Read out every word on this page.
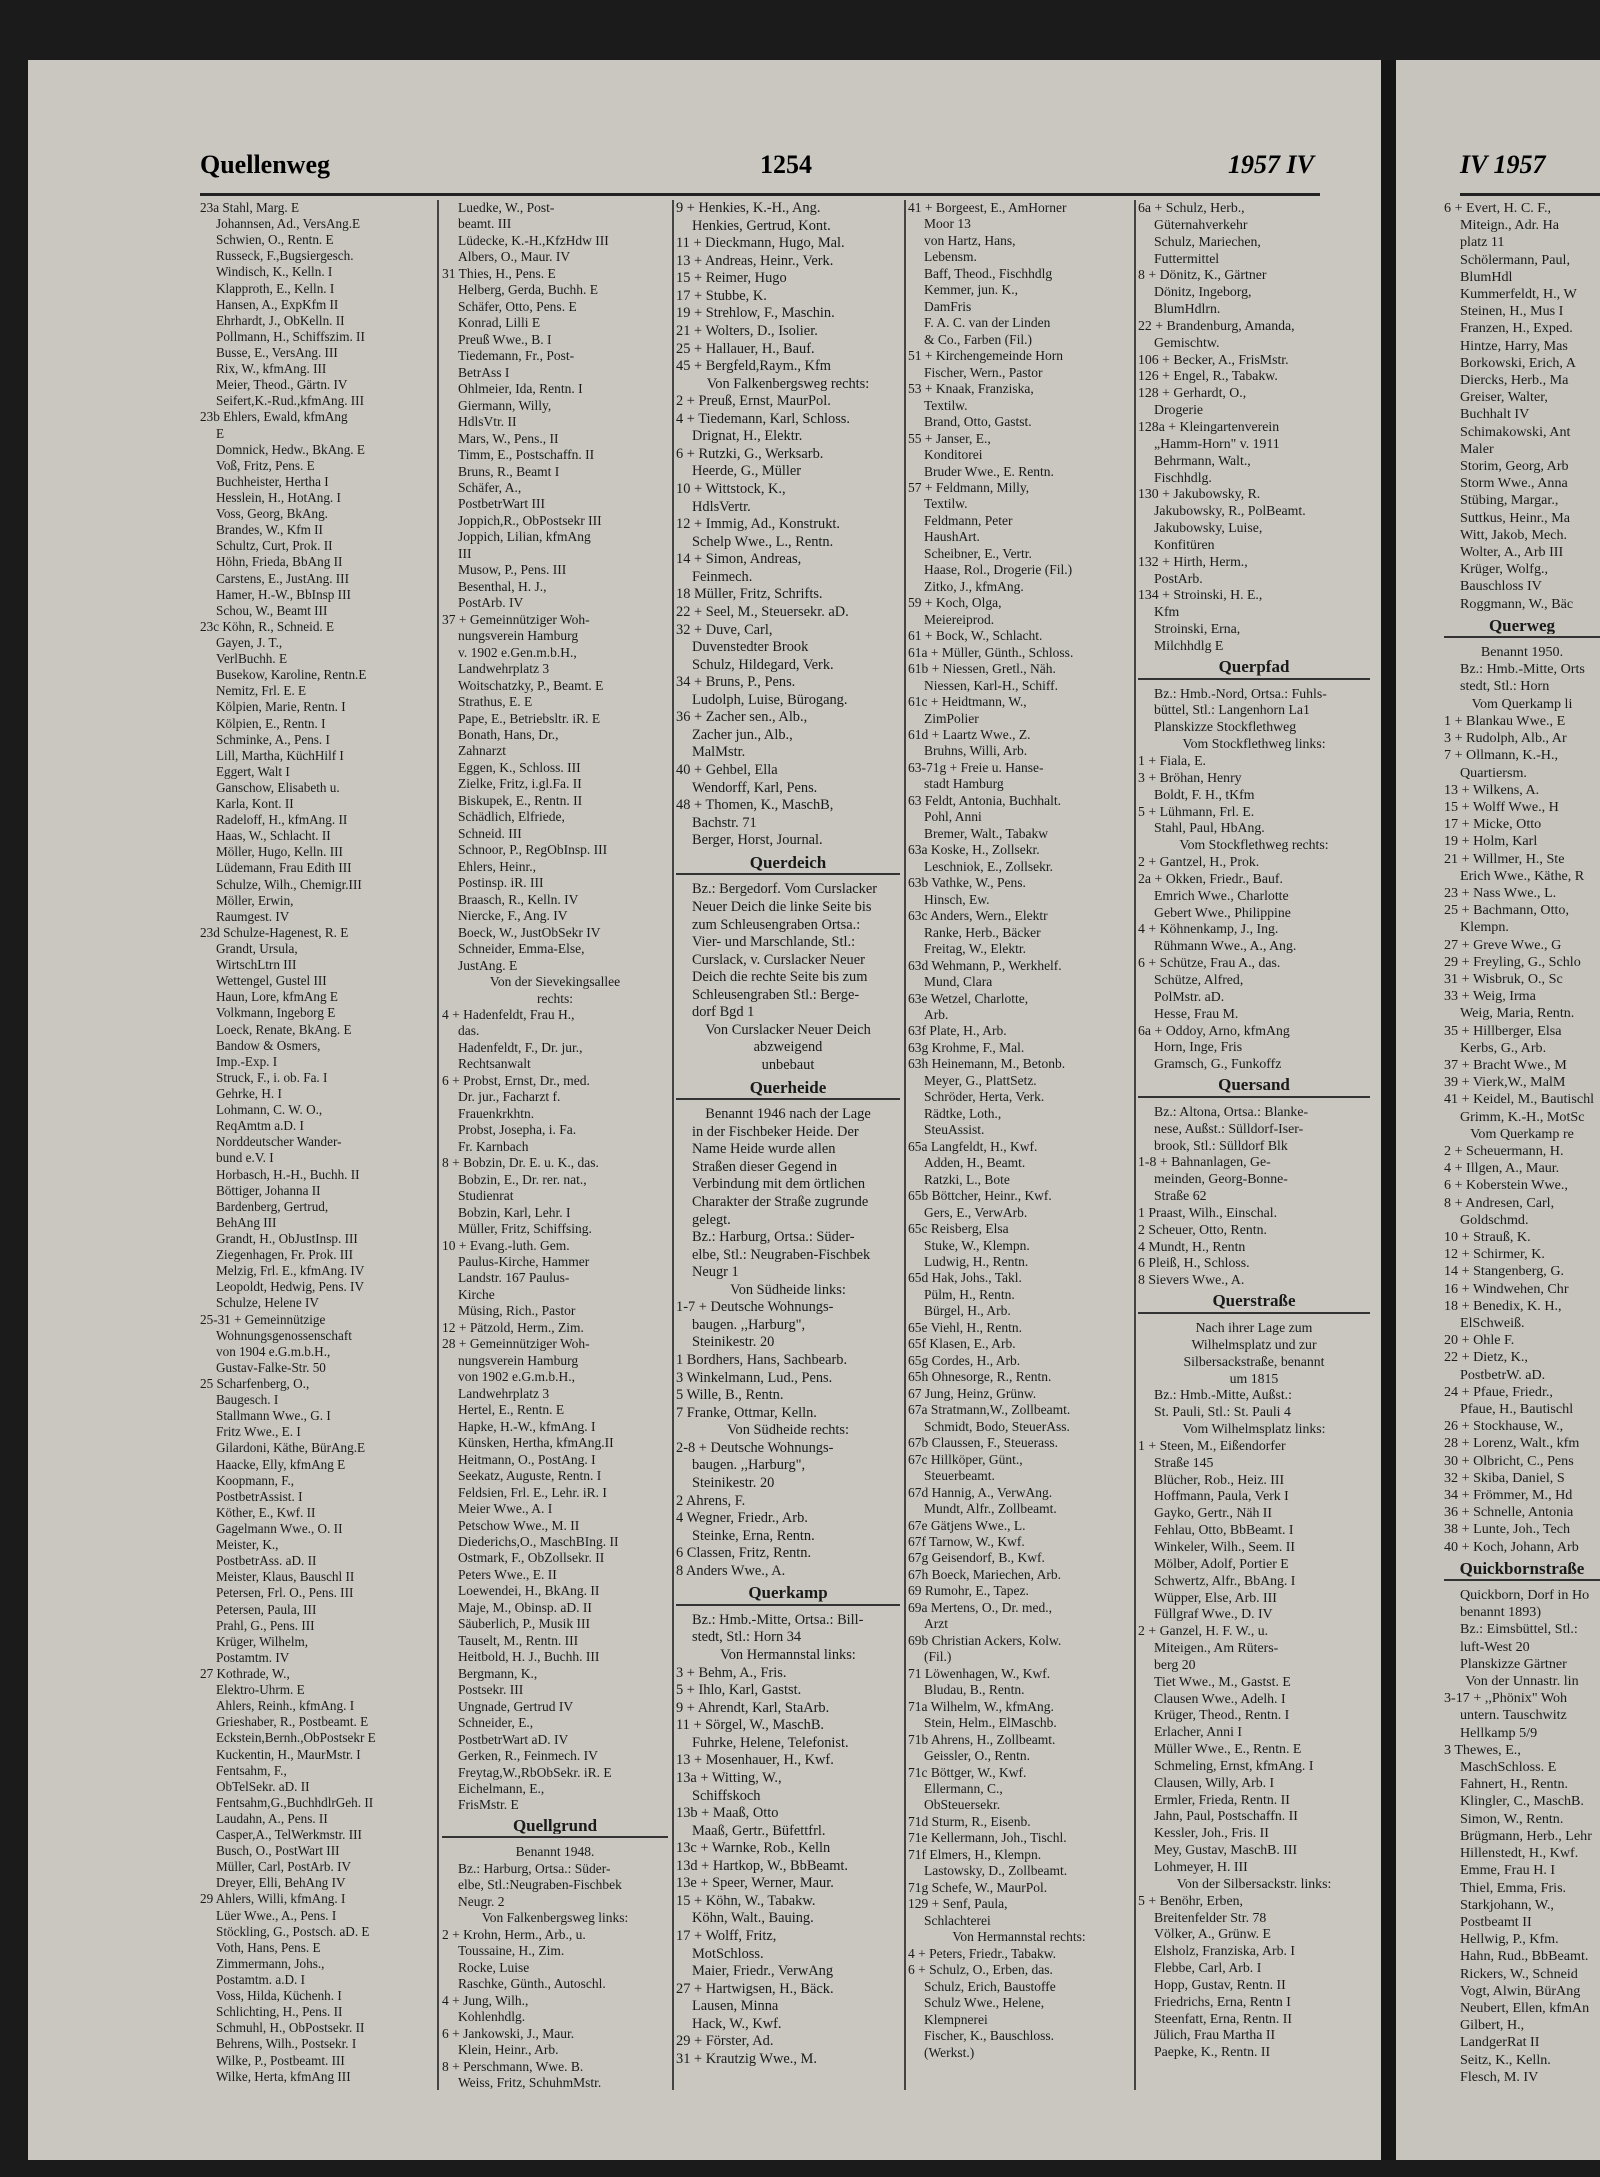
Quellenweg	1254	1957 IV	IV 1957
23a Stahl, Marg. E
Johannsen, Ad., VersAng.E
Schwien, O., Rentn. E
Russeck, F.,Bugsiergesch.
Windisch, K., Kelln. I
Klapproth, E., Kelln. I
Hansen, A., ExpKfm II
Ehrhardt, J., ObKelln. II
Pollmann, H., Schiffszim. II
Busse, E., VersAng. III
Rix, W., kfmAng. III
Meier, Theod., Gärtn. IV
Seifert,K.-Rud.,kfmAng. III
23b Ehlers, Ewald, kfmAng
E
Domnick, Hedw., BkAng. E
Voß, Fritz, Pens. E
Buchheister, Hertha I
Hesslein, H., HotAng. I
Voss, Georg, BkAng.
Brandes, W., Kfm II
Schultz, Curt, Prok. II
Höhn, Frieda, BbAng II
Carstens, E., JustAng. III
Hamer, H.-W., BbInsp III
Schou, W., Beamt III
23c Köhn, R., Schneid. E
Gayen, J. T.,
VerlBuchh. E
Busekow, Karoline, Rentn.E
Nemitz, Frl. E. E
Kölpien, Marie, Rentn. I
Kölpien, E., Rentn. I
Schminke, A., Pens. I
Lill, Martha, KüchHilf I
Eggert, Walt I
Ganschow, Elisabeth u.
Karla, Kont. II
Radeloff, H., kfmAng. II
Haas, W., Schlacht. II
Möller, Hugo, Kelln. III
Lüdemann, Frau Edith III
Schulze, Wilh., Chemigr.III
Möller, Erwin,
Raumgest. IV
23d Schulze-Hagenest, R. E
Grandt, Ursula,
WirtschLtrn III
Wettengel, Gustel III
Haun, Lore, kfmAng E
Volkmann, Ingeborg E
Loeck, Renate, BkAng. E
Bandow & Osmers,
Imp.-Exp. I
Struck, F., i. ob. Fa. I
Gehrke, H. I
Lohmann, C. W. O.,
ReqAmtm a.D. I
Norddeutscher Wander-
bund e.V. I
Horbasch, H.-H., Buchh. II
Böttiger, Johanna II
Bardenberg, Gertrud,
BehAng III
Grandt, H., ObJustInsp. III
Ziegenhagen, Fr. Prok. III
Melzig, Frl. E., kfmAng. IV
Leopoldt, Hedwig, Pens. IV
Schulze, Helene IV
25-31 + Gemeinnützige
Wohnungsgenossenschaft
von 1904 e.G.m.b.H.,
Gustav-Falke-Str. 50
25 Scharfenberg, O.,
Baugesch. I
Stallmann Wwe., G. I
Fritz Wwe., E. I
Gilardoni, Käthe, BürAng.E
Haacke, Elly, kfmAng E
Koopmann, F.,
PostbetrAssist. I
Köther, E., Kwf. II
Gagelmann Wwe., O. II
Meister, K.,
PostbetrAss. aD. II
Meister, Klaus, Bauschl II
Petersen, Frl. O., Pens. III
Petersen, Paula, III
Prahl, G., Pens. III
Krüger, Wilhelm,
Postamtm. IV
27 Kothrade, W.,
Elektro-Uhrm. E
Ahlers, Reinh., kfmAng. I
Grieshaber, R., Postbeamt. E
Eckstein,Bernh.,ObPostsekr E
Kuckentin, H., MaurMstr. I
Fentsahm, F.,
ObTelSekr. aD. II
Fentsahm,G.,BuchhdlrGeh. II
Laudahn, A., Pens. II
Casper,A., TelWerkmstr. III
Busch, O., PostWart III
Müller, Carl, PostArb. IV
Dreyer, Elli, BehAng IV
29 Ahlers, Willi, kfmAng. I
Lüer Wwe., A., Pens. I
Stöckling, G., Postsch. aD. E
Voth, Hans, Pens. E
Zimmermann, Johs.,
Postamtm. a.D. I
Voss, Hilda, Küchenh. I
Schlichting, H., Pens. II
Schmuhl, H., ObPostsekr. II
Behrens, Wilh., Postsekr. I
Wilke, P., Postbeamt. III
Wilke, Herta, kfmAng III
Luedke, W., Post-
beamt. III
Lüdecke, K.-H.,KfzHdw III
Albers, O., Maur. IV
31 Thies, H., Pens. E
Helberg, Gerda, Buchh. E
Schäfer, Otto, Pens. E
Konrad, Lilli E
Preuß Wwe., B. I
Tiedemann, Fr., Post-
BetrAss I
Ohlmeier, Ida, Rentn. I
Giermann, Willy,
HdlsVtr. II
Mars, W., Pens., II
Timm, E., Postschaffn. II
Bruns, R., Beamt I
Schäfer, A.,
PostbetrWart III
Joppich,R., ObPostsekr III
Joppich, Lilian, kfmAng
III
Musow, P., Pens. III
Besenthal, H. J.,
PostArb. IV
37 + Gemeinnütziger Woh-
nungsverein Hamburg
v. 1902 e.Gen.m.b.H.,
Landwehrplatz 3
Woitschatzky, P., Beamt. E
Strathus, E. E
Pape, E., Betriebsltr. iR. E
Bonath, Hans, Dr.,
Zahnarzt
Eggen, K., Schloss. III
Zielke, Fritz, i.gl.Fa. II
Biskupek, E., Rentn. II
Schädlich, Elfriede,
Schneid. III
Schnoor, P., RegObInsp. III
Ehlers, Heinr.,
Postinsp. iR. III
Braasch, R., Kelln. IV
Niercke, F., Ang. IV
Boeck, W., JustObSekr IV
Schneider, Emma-Else,
JustAng. E
Von der Sievekingsallee
rechts:
4 + Hadenfeldt, Frau H.,
das.
Hadenfeldt, F., Dr. jur.,
Rechtsanwalt
6 + Probst, Ernst, Dr., med.
Dr. jur., Facharzt f.
Frauenkrkhtn.
Probst, Josepha, i. Fa.
Fr. Karnbach
8 + Bobzin, Dr. E. u. K., das.
Bobzin, E., Dr. rer. nat.,
Studienrat
Bobzin, Karl, Lehr. I
Müller, Fritz, Schiffsing.
10 + Evang.-luth. Gem.
Paulus-Kirche, Hammer
Landstr. 167 Paulus-
Kirche
Müsing, Rich., Pastor
12 + Pätzold, Herm., Zim.
28 + Gemeinnütziger Woh-
nungsverein Hamburg
von 1902 e.G.m.b.H.,
Landwehrplatz 3
Hertel, E., Rentn. E
Hapke, H.-W., kfmAng. I
Künsken, Hertha, kfmAng.II
Heitmann, O., PostAng. I
Seekatz, Auguste, Rentn. I
Feldsien, Frl. E., Lehr. iR. I
Meier Wwe., A. I
Petschow Wwe., M. II
Diederichs,O., MaschBIng. II
Ostmark, F., ObZollsekr. II
Peters Wwe., E. II
Loewendei, H., BkAng. II
Maje, M., Obinsp. aD. II
Säuberlich, P., Musik III
Tauselt, M., Rentn. III
Heitbold, H. J., Buchh. III
Bergmann, K.,
Postsekr. III
Ungnade, Gertrud IV
Schneider, E.,
PostbetrWart aD. IV
Gerken, R., Feinmech. IV
Freytag,W.,RbObSekr. iR. E
Eichelmann, E.,
FrisMstr. E
Quellgrund
Benannt 1948.
Bz.: Harburg, Ortsa.: Süder-
elbe, Stl.:Neugraben-Fischbek
Neugr. 2
Von Falkenbergsweg links:
2 + Krohn, Herm., Arb., u.
Toussaine, H., Zim.
Rocke, Luise
Raschke, Günth., Autoschl.
4 + Jung, Wilh.,
Kohlenhdlg.
6 + Jankowski, J., Maur.
Klein, Heinr., Arb.
8 + Perschmann, Wwe. B.
Weiss, Fritz, SchuhmMstr.
9 + Henkies, K.-H., Ang.
Henkies, Gertrud, Kont.
11 + Dieckmann, Hugo, Mal.
13 + Andreas, Heinr., Verk.
15 + Reimer, Hugo
17 + Stubbe, K.
19 + Strehlow, F., Maschin.
21 + Wolters, D., Isolier.
25 + Hallauer, H., Bauf.
45 + Bergfeld,Raym., Kfm
Von Falkenbergsweg rechts:
2 + Preuß, Ernst, MaurPol.
4 + Tiedemann, Karl, Schloss.
Drignat, H., Elektr.
6 + Rutzki, G., Werksarb.
Heerde, G., Müller
10 + Wittstock, K.,
HdlsVertr.
12 + Immig, Ad., Konstrukt.
Schelp Wwe., L., Rentn.
14 + Simon, Andreas,
Feinmech.
18 Müller, Fritz, Schrifts.
22 + Seel, M., Steuersekr. aD.
32 + Duve, Carl,
Duvenstedter Brook
Schulz, Hildegard, Verk.
34 + Bruns, P., Pens.
Ludolph, Luise, Bürogang.
36 + Zacher sen., Alb.,
Zacher jun., Alb.,
MalMstr.
40 + Gehbel, Ella
Wendorff, Karl, Pens.
48 + Thomen, K., MaschB,
Bachstr. 71
Berger, Horst, Journal.
Querdeich
Bz.: Bergedorf. Vom Curslacker
Neuer Deich die linke Seite bis
zum Schleusengraben Ortsa.:
Vier- und Marschlande, Stl.:
Curslack, v. Curslacker Neuer
Deich die rechte Seite bis zum
Schleusengraben Stl.: Berge-
dorf Bgd 1
Von Curslacker Neuer Deich
abzweigend
unbebaut
Querheide
Benannt 1946 nach der Lage
in der Fischbeker Heide. Der
Name Heide wurde allen
Straßen dieser Gegend in
Verbindung mit dem örtlichen
Charakter der Straße zugrunde
gelegt.
Bz.: Harburg, Ortsa.: Süder-
elbe, Stl.: Neugraben-Fischbek
Neugr 1
Von Südheide links:
1-7 + Deutsche Wohnungs-
baugen. ,,Harburg",
Steinikestr. 20
1 Bordhers, Hans, Sachbearb.
3 Winkelmann, Lud., Pens.
5 Wille, B., Rentn.
7 Franke, Ottmar, Kelln.
Von Südheide rechts:
2-8 + Deutsche Wohnungs-
baugen. ,,Harburg",
Steinikestr. 20
2 Ahrens, F.
4 Wegner, Friedr., Arb.
Steinke, Erna, Rentn.
6 Classen, Fritz, Rentn.
8 Anders Wwe., A.
Querkamp
Bz.: Hmb.-Mitte, Ortsa.: Bill-
stedt, Stl.: Horn 34
Von Hermannstal links:
3 + Behm, A., Fris.
5 + Ihlo, Karl, Gastst.
9 + Ahrendt, Karl, StaArb.
11 + Sörgel, W., MaschB.
Fuhrke, Helene, Telefonist.
13 + Mosenhauer, H., Kwf.
13a + Witting, W.,
Schiffskoch
13b + Maaß, Otto
Maaß, Gertr., Büfettfrl.
13c + Warnke, Rob., Kelln
13d + Hartkop, W., BbBeamt.
13e + Speer, Werner, Maur.
15 + Köhn, W., Tabakw.
Köhn, Walt., Bauing.
17 + Wolff, Fritz,
MotSchloss.
Maier, Friedr., VerwAng
27 + Hartwigsen, H., Bäck.
Lausen, Minna
Hack, W., Kwf.
29 + Förster, Ad.
31 + Krautzig Wwe., M.
41 + Borgeest, E., AmHorner
Moor 13
von Hartz, Hans,
Lebensm.
Baff, Theod., Fischhdlg
Kemmer, jun. K.,
DamFris
F. A. C. van der Linden
& Co., Farben (Fil.)
51 + Kirchengemeinde Horn
Fischer, Wern., Pastor
53 + Knaak, Franziska,
Textilw.
Brand, Otto, Gastst.
55 + Janser, E.,
Konditorei
Bruder Wwe., E. Rentn.
57 + Feldmann, Milly,
Textilw.
Feldmann, Peter
HaushArt.
Scheibner, E., Vertr.
Haase, Rol., Drogerie (Fil.)
Zitko, J., kfmAng.
59 + Koch, Olga,
Meiereiprod.
61 + Bock, W., Schlacht.
61a + Müller, Günth., Schloss.
61b + Niessen, Gretl., Näh.
Niessen, Karl-H., Schiff.
61c + Heidtmann, W.,
ZimPolier
61d + Laartz Wwe., Z.
Bruhns, Willi, Arb.
63-71g + Freie u. Hanse-
stadt Hamburg
63 Feldt, Antonia, Buchhalt.
Pohl, Anni
Bremer, Walt., Tabakw
63a Koske, H., Zollsekr.
Leschniok, E., Zollsekr.
63b Vathke, W., Pens.
Hinsch, Ew.
63c Anders, Wern., Elektr
Ranke, Herb., Bäcker
Freitag, W., Elektr.
63d Wehmann, P., Werkhelf.
Mund, Clara
63e Wetzel, Charlotte,
Arb.
63f Plate, H., Arb.
63g Krohme, F., Mal.
63h Heinemann, M., Betonb.
Meyer, G., PlattSetz.
Schröder, Herta, Verk.
Rädtke, Loth.,
SteuAssist.
65a Langfeldt, H., Kwf.
Adden, H., Beamt.
Ratzki, L., Bote
65b Böttcher, Heinr., Kwf.
Gers, E., VerwArb.
65c Reisberg, Elsa
Stuke, W., Klempn.
Ludwig, H., Rentn.
65d Hak, Johs., Takl.
Pülm, H., Rentn.
Bürgel, H., Arb.
65e Viehl, H., Rentn.
65f Klasen, E., Arb.
65g Cordes, H., Arb.
65h Ohnesorge, R., Rentn.
67 Jung, Heinz, Grünw.
67a Stratmann,W., Zollbeamt.
Schmidt, Bodo, SteuerAss.
67b Claussen, F., Steuerass.
67c Hillköper, Günt.,
Steuerbeamt.
67d Hannig, A., VerwAng.
Mundt, Alfr., Zollbeamt.
67e Gätjens Wwe., L.
67f Tarnow, W., Kwf.
67g Geisendorf, B., Kwf.
67h Boeck, Mariechen, Arb.
69 Rumohr, E., Tapez.
69a Mertens, O., Dr. med.,
Arzt
69b Christian Ackers, Kolw.
(Fil.)
71 Löwenhagen, W., Kwf.
Bludau, B., Rentn.
71a Wilhelm, W., kfmAng.
Stein, Helm., ElMaschb.
71b Ahrens, H., Zollbeamt.
Geissler, O., Rentn.
71c Böttger, W., Kwf.
Ellermann, C.,
ObSteuersekr.
71d Sturm, R., Eisenb.
71e Kellermann, Joh., Tischl.
71f Elmers, H., Klempn.
Lastowsky, D., Zollbeamt.
71g Schefe, W., MaurPol.
129 + Senf, Paula,
Schlachterei
Von Hermannstal rechts:
4 + Peters, Friedr., Tabakw.
6 + Schulz, O., Erben, das.
Schulz, Erich, Baustoffe
Schulz Wwe., Helene,
Klempnerei
Fischer, K., Bauschloss.
(Werkst.)
6a + Schulz, Herb.,
Güternahverkehr
Schulz, Mariechen,
Futtermittel
8 + Dönitz, K., Gärtner
Dönitz, Ingeborg,
BlumHdlrn.
22 + Brandenburg, Amanda,
Gemischtw.
106 + Becker, A., FrisMstr.
126 + Engel, R., Tabakw.
128 + Gerhardt, O.,
Drogerie
128a + Kleingartenverein
„Hamm-Horn" v. 1911
Behrmann, Walt.,
Fischhdlg.
130 + Jakubowsky, R.
Jakubowsky, R., PolBeamt.
Jakubowsky, Luise,
Konfitüren
132 + Hirth, Herm.,
PostArb.
134 + Stroinski, H. E.,
Kfm
Stroinski, Erna,
Milchhdlg E
Querpfad
Bz.: Hmb.-Nord, Ortsa.: Fuhls-
büttel, Stl.: Langenhorn La1
Planskizze Stockflethweg
Vom Stockflethweg links:
1 + Fiala, E.
3 + Bröhan, Henry
Boldt, F. H., tKfm
5 + Lühmann, Frl. E.
Stahl, Paul, HbAng.
Vom Stockflethweg rechts:
2 + Gantzel, H., Prok.
2a + Okken, Friedr., Bauf.
Emrich Wwe., Charlotte
Gebert Wwe., Philippine
4 + Köhnenkamp, J., Ing.
Rühmann Wwe., A., Ang.
6 + Schütze, Frau A., das.
Schütze, Alfred,
PolMstr. aD.
Hesse, Frau M.
6a + Oddoy, Arno, kfmAng
Horn, Inge, Fris
Gramsch, G., Funkoffz
Quersand
Bz.: Altona, Ortsa.: Blanke-
nese, Außst.: Sülldorf-Iser-
brook, Stl.: Sülldorf Blk
1-8 + Bahnanlagen, Ge-
meinden, Georg-Bonne-
Straße 62
1 Praast, Wilh., Einschal.
2 Scheuer, Otto, Rentn.
4 Mundt, H., Rentn
6 Pleiß, H., Schloss.
8 Sievers Wwe., A.
Querstraße
Nach ihrer Lage zum
Wilhelmsplatz und zur
Silbersackstraße, benannt
um 1815
Bz.: Hmb.-Mitte, Außst.:
St. Pauli, Stl.: St. Pauli 4
Vom Wilhelmsplatz links:
1 + Steen, M., Eißendorfer
Straße 145
Blücher, Rob., Heiz. III
Hoffmann, Paula, Verk I
Gayko, Gertr., Näh II
Fehlau, Otto, BbBeamt. I
Winkeler, Wilh., Seem. II
Mölber, Adolf, Portier E
Schwertz, Alfr., BbAng. I
Wüpper, Else, Arb. III
Füllgraf Wwe., D. IV
2 + Ganzel, H. F. W., u.
Miteigen., Am Rüters-
berg 20
Tiet Wwe., M., Gastst. E
Clausen Wwe., Adelh. I
Krüger, Theod., Rentn. I
Erlacher, Anni I
Müller Wwe., E., Rentn. E
Schmeling, Ernst, kfmAng. I
Clausen, Willy, Arb. I
Ermler, Frieda, Rentn. II
Jahn, Paul, Postschaffn. II
Kessler, Joh., Fris. II
Mey, Gustav, MaschB. III
Lohmeyer, H. III
Von der Silbersackstr. links:
5 + Benöhr, Erben,
Breitenfelder Str. 78
Völker, A., Grünw. E
Elsholz, Franziska, Arb. I
Flebbe, Carl, Arb. I
Hopp, Gustav, Rentn. II
Friedrichs, Erna, Rentn I
Steenfatt, Erna, Rentn. II
Jülich, Frau Martha II
Paepke, K., Rentn. II
6 + Evert, H. C. F.,
Miteign., Adr. Ha
platz 11
Schölermann, Paul,
BlumHdl
Kummerfeldt, H., W
Steinen, H., Mus I
Franzen, H., Exped.
Hintze, Harry, Mas
Borkowski, Erich, A
Diercks, Herb., Ma
Greiser, Walter,
Buchhalt IV
Schimakowski, Ant
Maler
Storim, Georg, Arb
Storm Wwe., Anna
Stübing, Margar.,
Suttkus, Heinr., Ma
Witt, Jakob, Mech.
Wolter, A., Arb III
Krüger, Wolfg.,
Bauschloss IV
Roggmann, W., Bäc
Querweg
Benannt 1950.
Bz.: Hmb.-Mitte, Orts
stedt, Stl.: Horn
Vom Querkamp li
1 + Blankau Wwe., E
3 + Rudolph, Alb., Ar
7 + Ollmann, K.-H.,
Quartiersm.
13 + Wilkens, A.
15 + Wolff Wwe., H
17 + Micke, Otto
19 + Holm, Karl
21 + Willmer, H., Ste
Erich Wwe., Käthe, R
23 + Nass Wwe., L.
25 + Bachmann, Otto,
Klempn.
27 + Greve Wwe., G
29 + Freyling, G., Schlo
31 + Wisbruk, O., Sc
33 + Weig, Irma
Weig, Maria, Rentn.
35 + Hillberger, Elsa
Kerbs, G., Arb.
37 + Bracht Wwe., M
39 + Vierk,W., MalM
41 + Keidel, M., Bautischl
Grimm, K.-H., MotSc
Vom Querkamp re
2 + Scheuermann, H.
4 + Illgen, A., Maur.
6 + Koberstein Wwe.,
8 + Andresen, Carl,
Goldschmd.
10 + Strauß, K.
12 + Schirmer, K.
14 + Stangenberg, G.
16 + Windwehen, Chr
18 + Benedix, K. H.,
ElSchweiß.
20 + Ohle F.
22 + Dietz, K.,
PostbetrW. aD.
24 + Pfaue, Friedr.,
Pfaue, H., Bautischl
26 + Stockhause, W.,
28 + Lorenz, Walt., kfm
30 + Olbricht, C., Pens
32 + Skiba, Daniel, S
34 + Frömmer, M., Hd
36 + Schnelle, Antonia
38 + Lunte, Joh., Tech
40 + Koch, Johann, Arb
Quickbornstraße
Quickborn, Dorf in Ho
benannt 1893)
Bz.: Eimsbüttel, Stl.:
luft-West 20
Planskizze Gärtner
Von der Unnastr. lin
3-17 + ,,Phönix" Woh
untern. Tauschwitz
Hellkamp 5/9
3 Thewes, E.,
MaschSchloss. E
Fahnert, H., Rentn.
Klingler, C., MaschB.
Simon, W., Rentn.
Brügmann, Herb., Lehr
Hillenstedt, H., Kwf.
Emme, Frau H. I
Thiel, Emma, Fris.
Starkjohann, W.,
Postbeamt II
Hellwig, P., Kfm.
Hahn, Rud., BbBeamt.
Rickers, W., Schneid
Vogt, Alwin, BürAng
Neubert, Ellen, kfmAn
Gilbert, H.,
LandgerRat II
Seitz, K., Kelln.
Flesch, M. IV
